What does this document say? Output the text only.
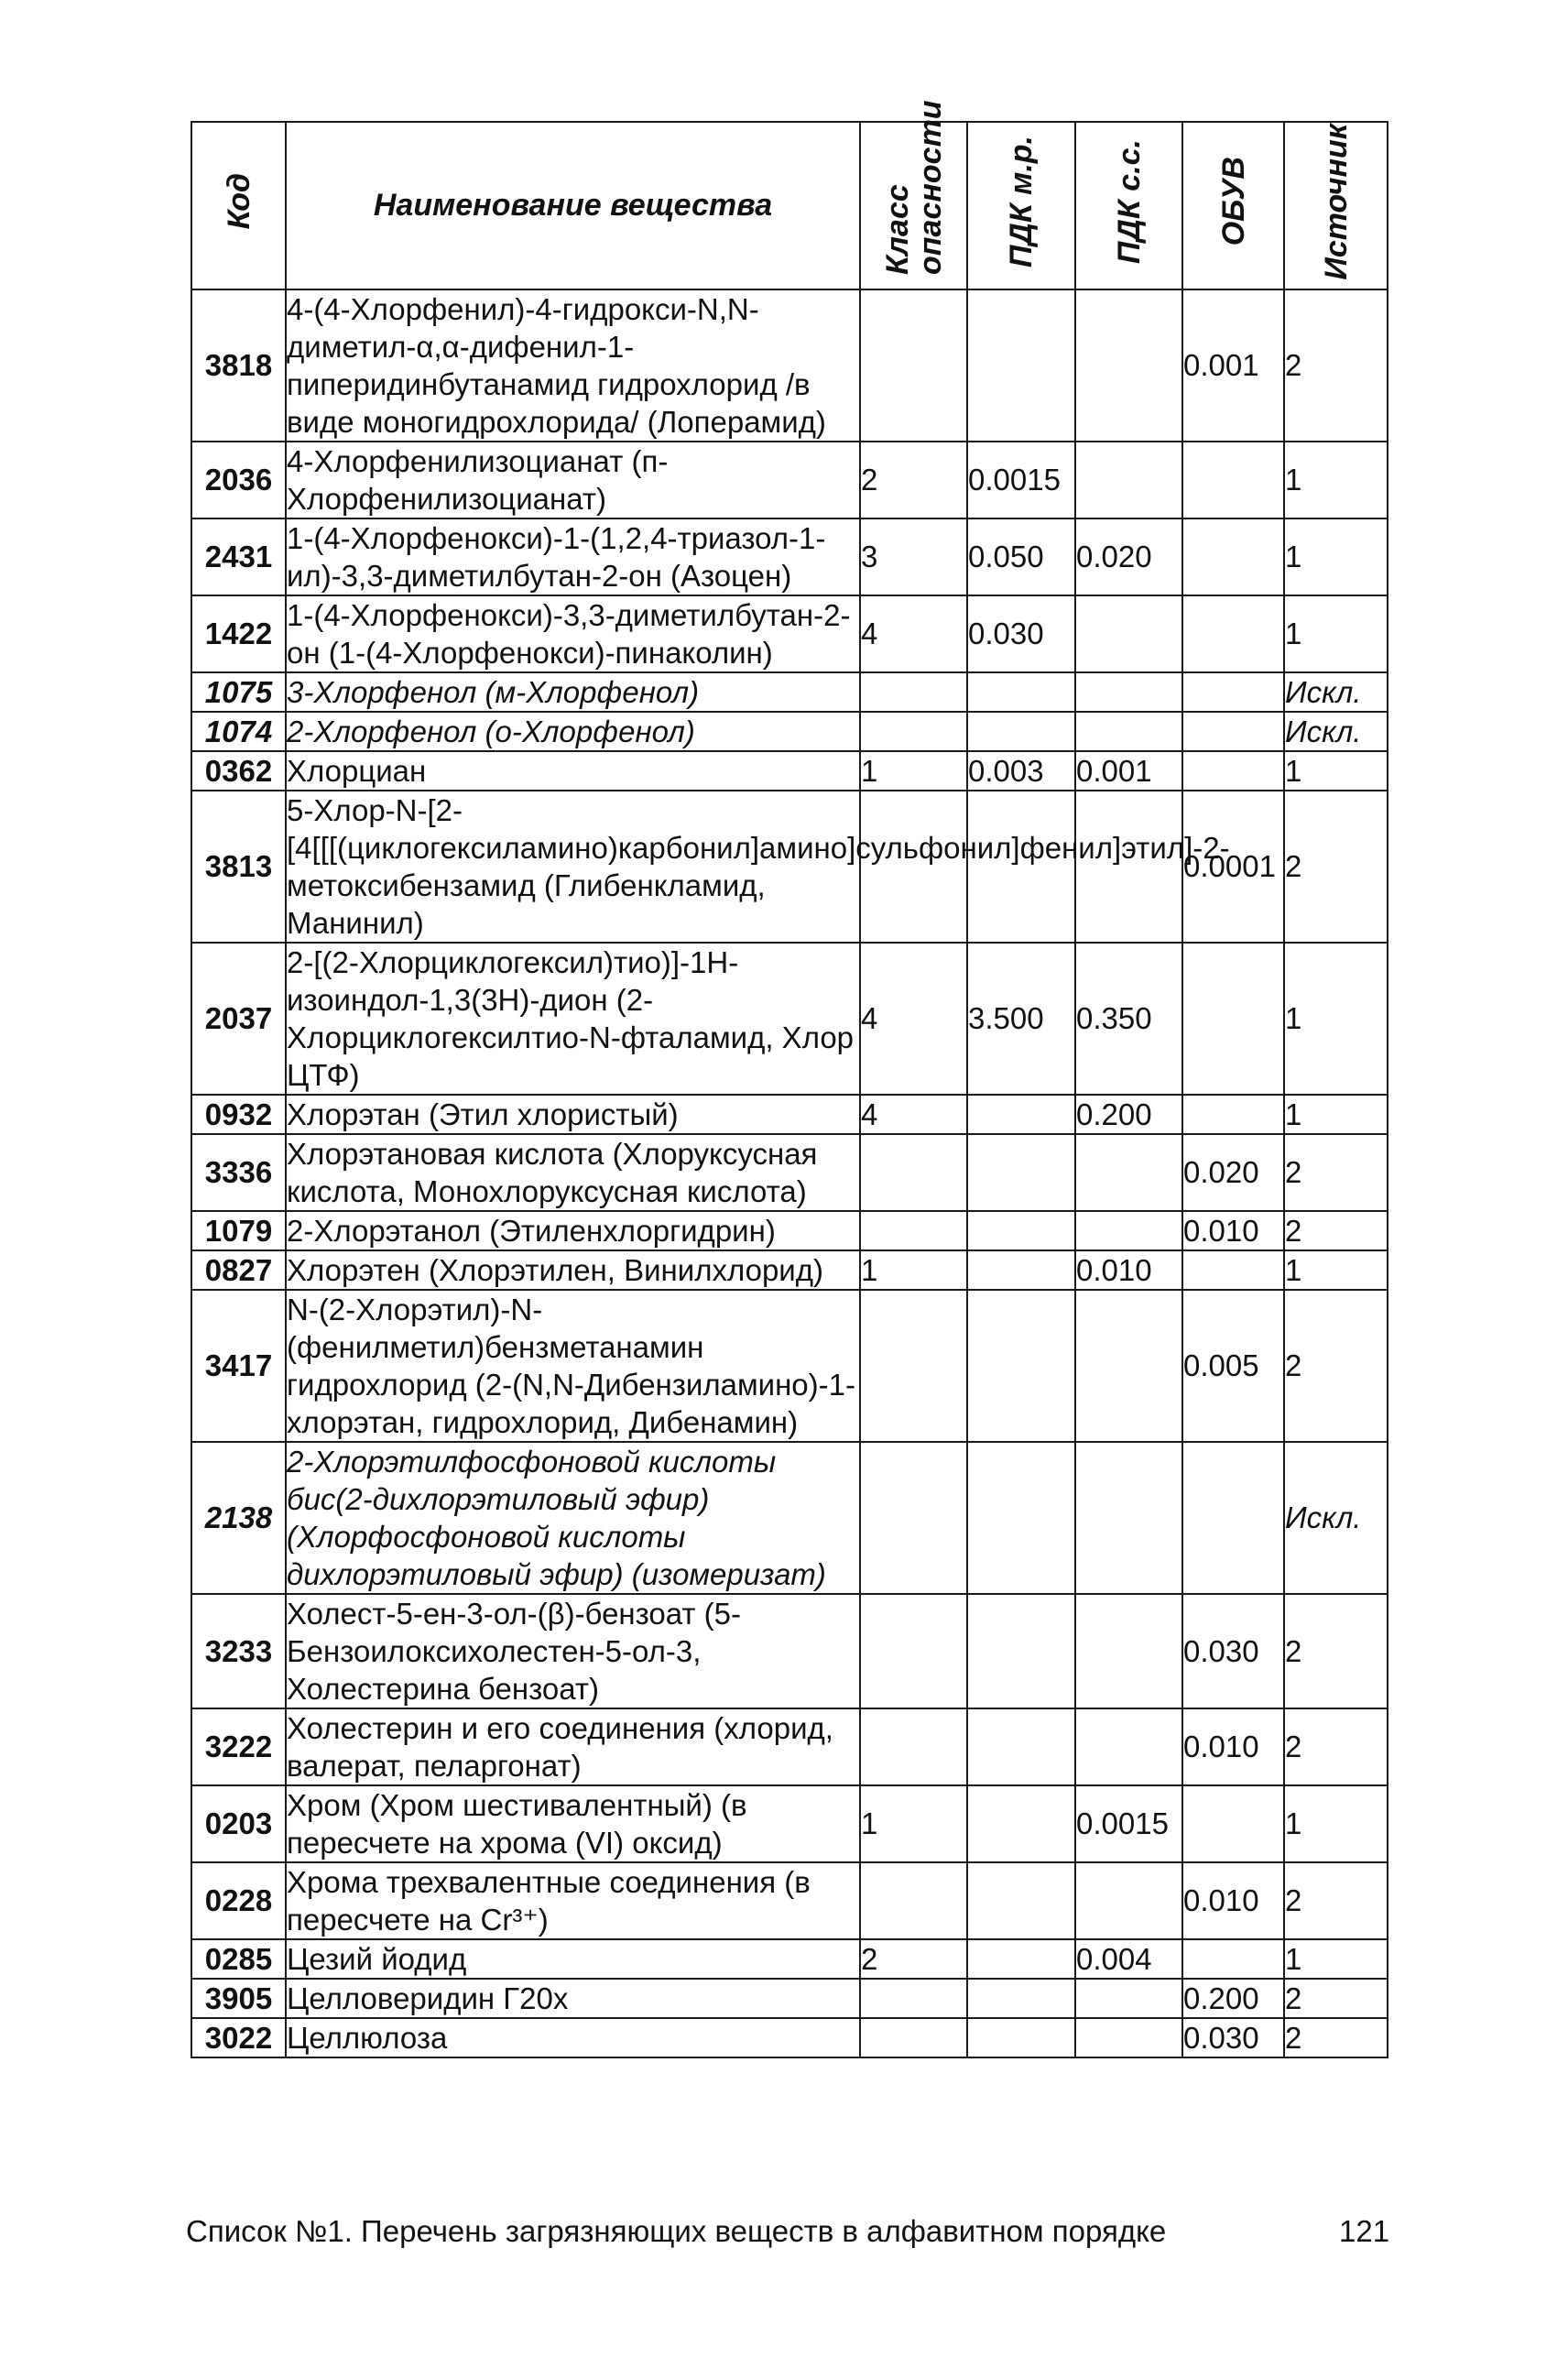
Код	Наименование вещества	Класс опасности	ПДК м.р.	ПДК с.с.	ОБУВ	Источник
3818	4-(4-Хлорфенил)-4-гидрокси-N,N-диметил-α,α-дифенил-1-пиперидинбутанамид гидрохлорид /в виде моногидрохлорида/ (Лоперамид)				0.001	2
2036	4-Хлорфенилизоцианат (п-Хлорфенилизоцианат)	2	0.0015			1
2431	1-(4-Хлорфенокси)-1-(1,2,4-триазол-1-ил)-3,3-диметилбутан-2-он (Азоцен)	3	0.050	0.020		1
1422	1-(4-Хлорфенокси)-3,3-диметилбутан-2-он (1-(4-Хлорфенокси)-пинаколин)	4	0.030			1
1075	3-Хлорфенол (м-Хлорфенол)					Искл.
1074	2-Хлорфенол (о-Хлорфенол)					Искл.
0362	Хлорциан	1	0.003	0.001		1
3813	5-Хлор-N-[2-[4[[[(циклогексиламино)карбонил]амино]сульфонил]фенил]этил]-2-метоксибензамид (Глибенкламид, Манинил)				0.0001	2
2037	2-[(2-Хлорциклогексил)тио)]-1Н-изоиндол-1,3(3Н)-дион (2-Хлорциклогексилтио-N-фталамид, Хлор ЦТФ)	4	3.500	0.350		1
0932	Хлорэтан (Этил хлористый)	4		0.200		1
3336	Хлорэтановая кислота (Хлоруксусная кислота, Монохлоруксусная кислота)				0.020	2
1079	2-Хлорэтанол (Этиленхлоргидрин)				0.010	2
0827	Хлорэтен (Хлорэтилен, Винилхлорид)	1		0.010		1
3417	N-(2-Хлорэтил)-N-(фенилметил)бензметанамин гидрохлорид (2-(N,N-Дибензиламино)-1-хлорэтан, гидрохлорид, Дибенамин)				0.005	2
2138	2-Хлорэтилфосфоновой кислоты бис(2-дихлорэтиловый эфир) (Хлорфосфоновой кислоты дихлорэтиловый эфир) (изомеризат)					Искл.
3233	Холест-5-ен-3-ол-(β)-бензоат (5-Бензоилоксихолестен-5-ол-3, Холестерина бензоат)				0.030	2
3222	Холестерин и его соединения (хлорид, валерат, пеларгонат)				0.010	2
0203	Хром (Хром шестивалентный) (в пересчете на хрома (VI) оксид)	1		0.0015		1
0228	Хрома трехвалентные соединения (в пересчете на Cr³⁺)				0.010	2
0285	Цезий йодид	2		0.004		1
3905	Целловеридин Г20х				0.200	2
3022	Целлюлоза				0.030	2
Список №1. Перечень загрязняющих веществ в алфавитном порядке	121
